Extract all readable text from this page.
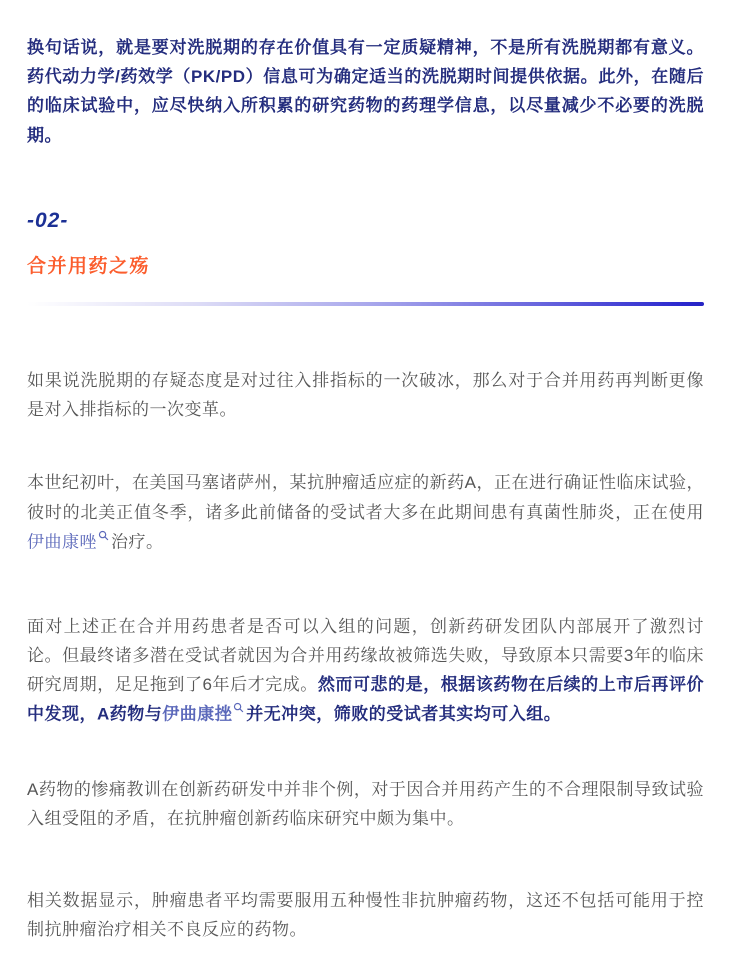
换句话说，就是要对洗脱期的存在价值具有一定质疑精神，不是所有洗脱期都有意义。药代动力学/药效学（PK/PD）信息可为确定适当的洗脱期时间提供依据。此外，在随后的临床试验中，应尽快纳入所积累的研究药物的药理学信息，以尽量减少不必要的洗脱期。

-02-
合并用药之殇

如果说洗脱期的存疑态度是对过往入排指标的一次破冰，那么对于合并用药再判断更像是对入排指标的一次变革。

本世纪初叶，在美国马塞诸萨州，某抗肿瘤适应症的新药A，正在进行确证性临床试验，彼时的北美正值冬季，诸多此前储备的受试者大多在此期间患有真菌性肺炎，正在使用伊曲康唑 治疗。

面对上述正在合并用药患者是否可以入组的问题，创新药研发团队内部展开了激烈讨论。但最终诸多潜在受试者就因为合并用药缘故被筛选失败，导致原本只需要3年的临床研究周期，足足拖到了6年后才完成。然而可悲的是，根据该药物在后续的上市后再评价中发现，A药物与伊曲康挫 并无冲突，筛败的受试者其实均可入组。

A药物的惨痛教训在创新药研发中并非个例，对于因合并用药产生的不合理限制导致试验入组受阻的矛盾，在抗肿瘤创新药临床研究中颇为集中。

相关数据显示，肿瘤患者平均需要服用五种慢性非抗肿瘤药物，这还不包括可能用于控制抗肿瘤治疗相关不良反应的药物。
